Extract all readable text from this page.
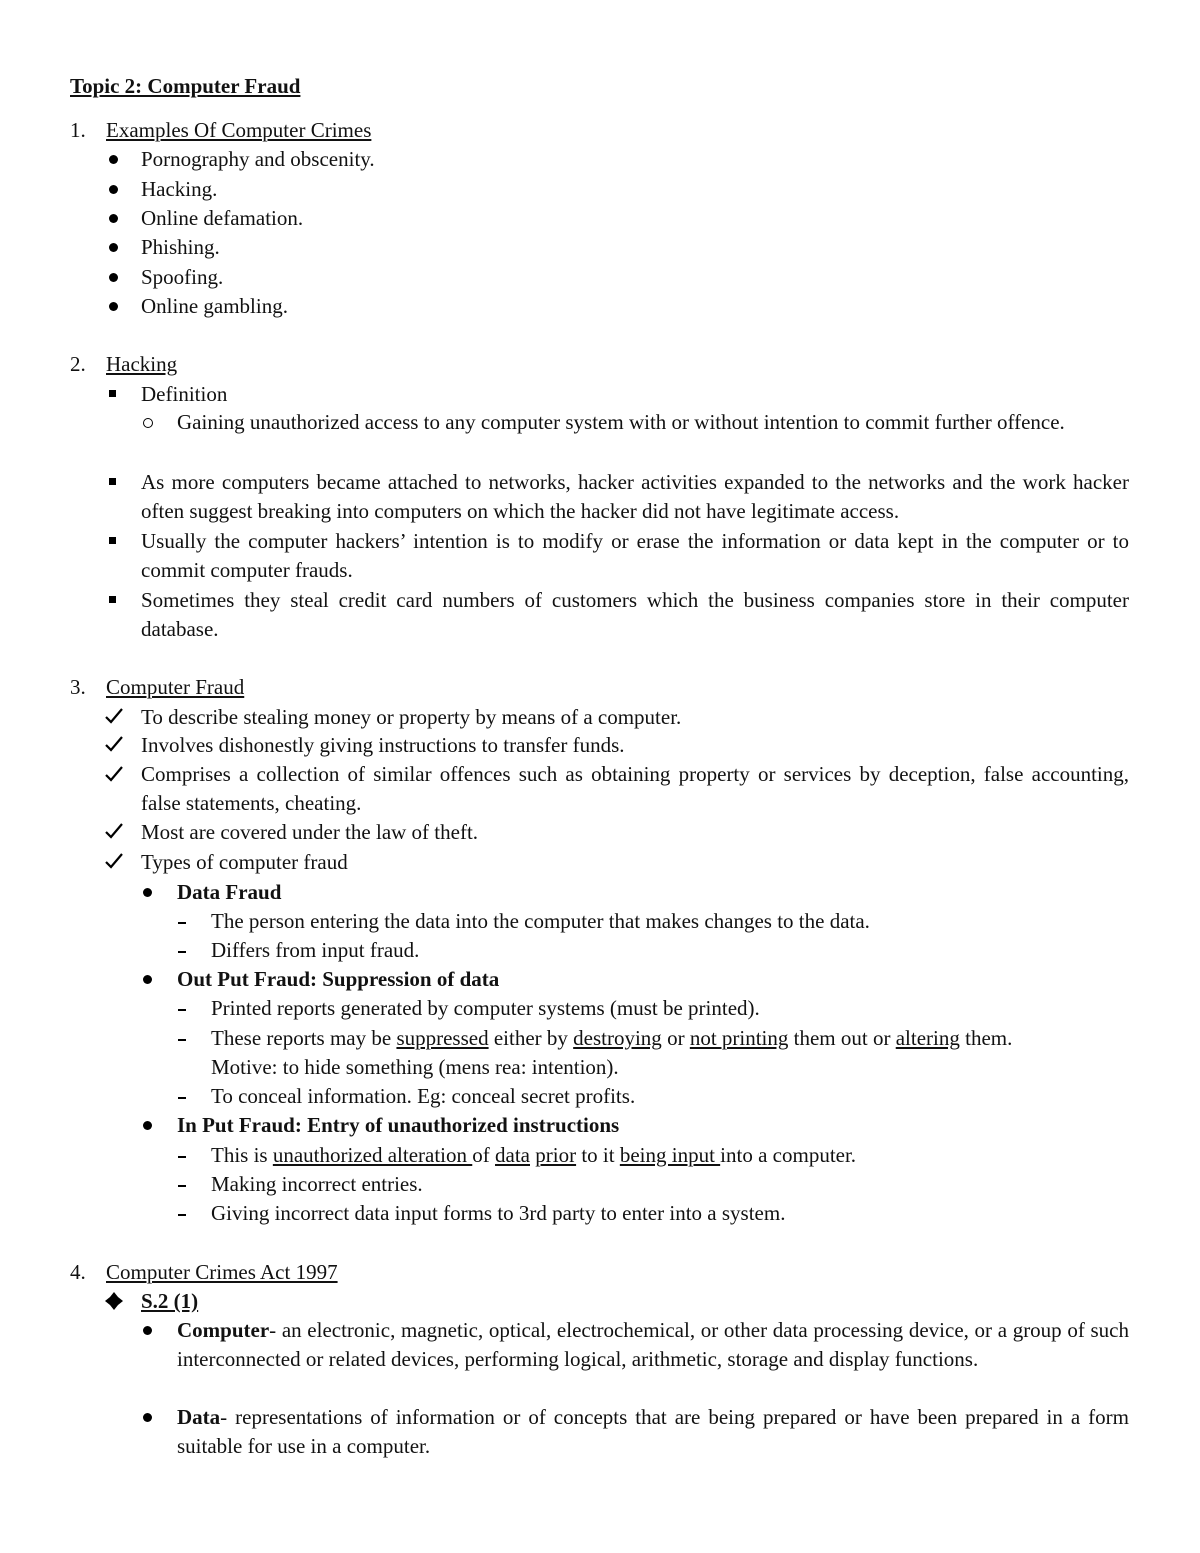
Topic 2: Computer Fraud
1. Examples Of Computer Crimes
Pornography and obscenity.
Hacking.
Online defamation.
Phishing.
Spoofing.
Online gambling.
2. Hacking
Definition
Gaining unauthorized access to any computer system with or without intention to commit further offence.
As more computers became attached to networks, hacker activities expanded to the networks and the work hacker often suggest breaking into computers on which the hacker did not have legitimate access.
Usually the computer hackers’ intention is to modify or erase the information or data kept in the computer or to commit computer frauds.
Sometimes they steal credit card numbers of customers which the business companies store in their computer database.
3. Computer Fraud
To describe stealing money or property by means of a computer.
Involves dishonestly giving instructions to transfer funds.
Comprises a collection of similar offences such as obtaining property or services by deception, false accounting, false statements, cheating.
Most are covered under the law of theft.
Types of computer fraud
Data Fraud
The person entering the data into the computer that makes changes to the data.
Differs from input fraud.
Out Put Fraud: Suppression of data
Printed reports generated by computer systems (must be printed).
These reports may be suppressed either by destroying or not printing them out or altering them.
Motive: to hide something (mens rea: intention).
To conceal information. Eg: conceal secret profits.
In Put Fraud: Entry of unauthorized instructions
This is unauthorized alteration of data prior to it being input into a computer.
Making incorrect entries.
Giving incorrect data input forms to 3rd party to enter into a system.
4. Computer Crimes Act 1997
S.2 (1)
Computer- an electronic, magnetic, optical, electrochemical, or other data processing device, or a group of such interconnected or related devices, performing logical, arithmetic, storage and display functions.
Data- representations of information or of concepts that are being prepared or have been prepared in a form suitable for use in a computer.
